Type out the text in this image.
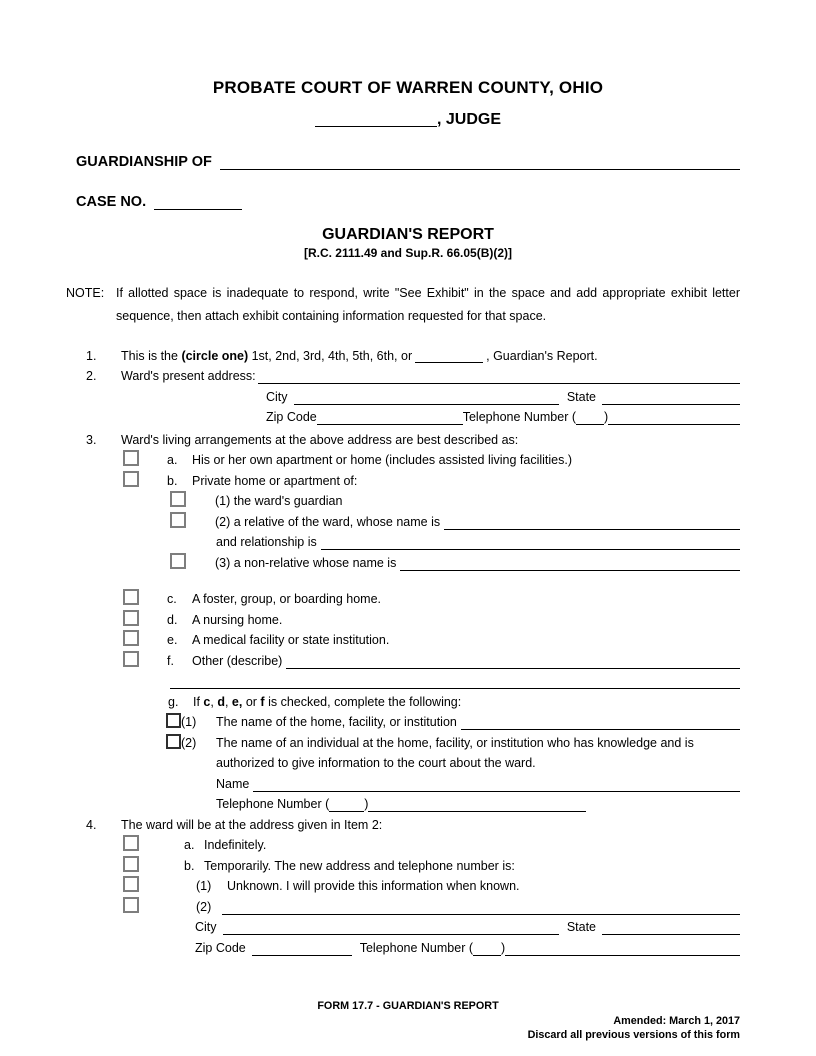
PROBATE COURT OF WARREN COUNTY, OHIO
, JUDGE
GUARDIANSHIP OF
CASE NO.
GUARDIAN'S REPORT
[R.C. 2111.49 and Sup.R. 66.05(B)(2)]
NOTE: If allotted space is inadequate to respond, write "See Exhibit" in the space and add appropriate exhibit letter sequence, then attach exhibit containing information requested for that space.
1.	This is the (circle one) 1st, 2nd, 3rd, 4th, 5th, 6th, or	, Guardian's Report.
2.	Ward's present address:
City	State
Zip Code	Telephone Number ( )
3.	Ward's living arrangements at the above address are best described as:
a.	His or her own apartment or home (includes assisted living facilities.)
b.	Private home or apartment of:
(1) the ward's guardian
(2) a relative of the ward, whose name is
and relationship is
(3) a non-relative whose name is
c.	A foster, group, or boarding home.
d.	A nursing home.
e.	A medical facility or state institution.
f.	Other (describe)
g.	If c, d, e, or f is checked, complete the following:
(1)	The name of the home, facility, or institution
(2)	The name of an individual at the home, facility, or institution who has knowledge and is
authorized to give information to the court about the ward.
Name
Telephone Number (	)
4.	The ward will be at the address given in Item 2:
a. Indefinitely.
b. Temporarily. The new address and telephone number is:
(1)	Unknown. I will provide this information when known.
(2)
City	State
Zip Code	Telephone Number ( )
FORM 17.7 - GUARDIAN'S REPORT
Amended: March 1, 2017
Discard all previous versions of this form
